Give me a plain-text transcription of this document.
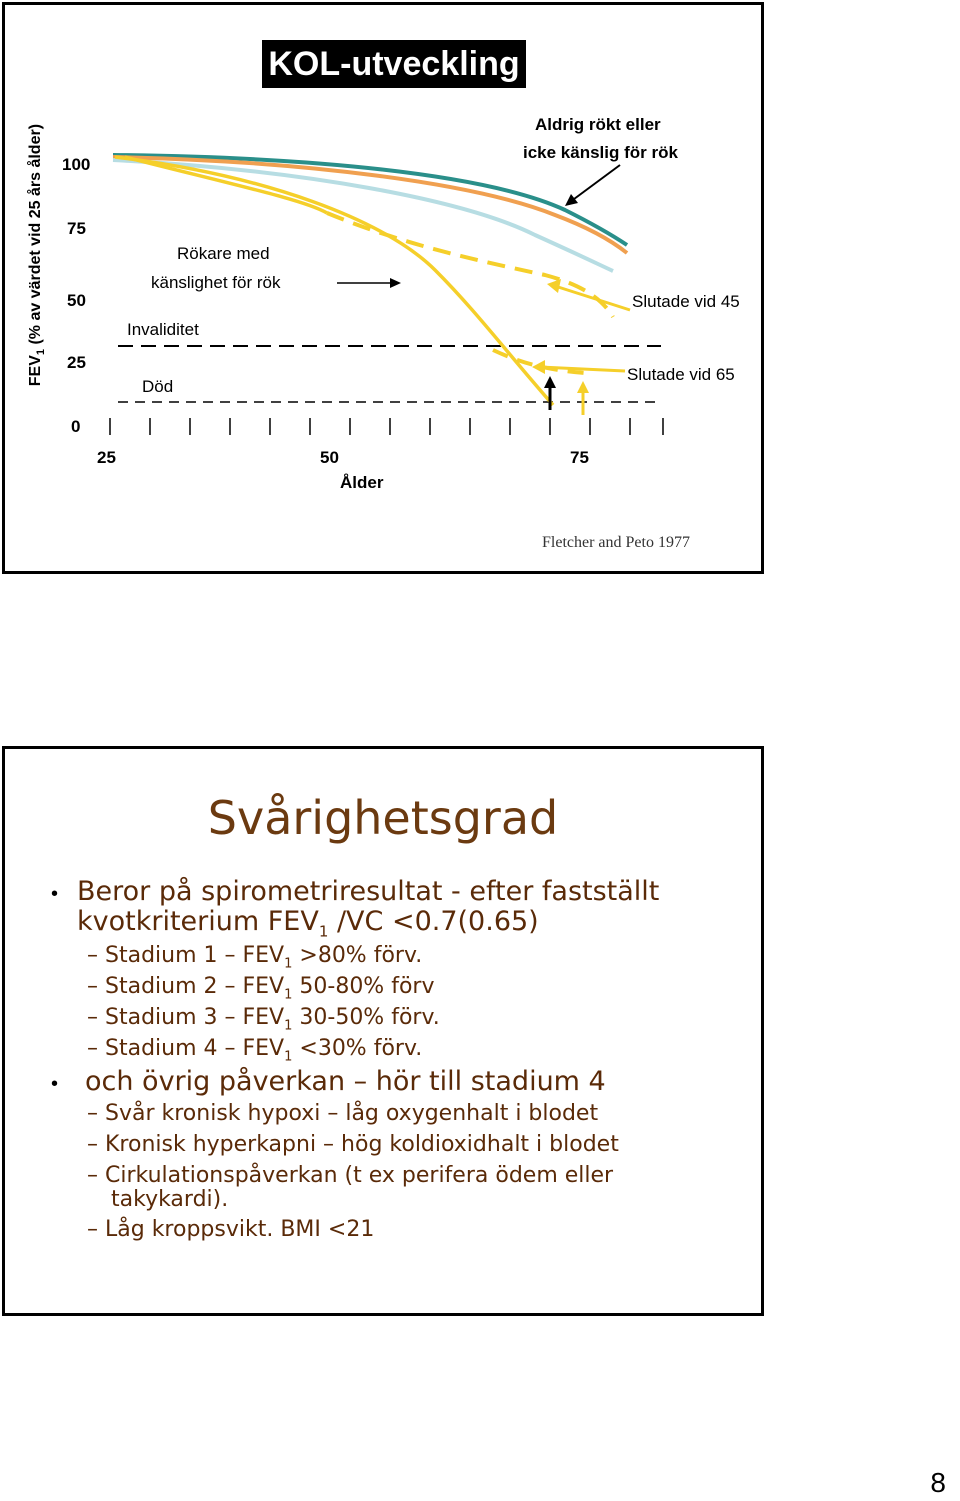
KOL-utveckling
$FEV_1$ (% av värdet vid 25 års ålder) 100
75
50
25
0
25	50	75
Ålder
Aldrig rökt eller
icke känslig för rök
Rökare med
känslighet för rök
Invaliditet
Död
Slutade vid 45
Slutade vid 65
Fletcher and Peto 1977
Svårighetsgrad
• Beror på spirometriresultat - efter fastställt
kvotkriterium $FEV_1$ /VC <0.7(0.65)
– Stadium $1 - FEV_1 >80\%$ förv.
– Stadium $2 - FEV_1$ 50-80% förv
– Stadium $3 - FEV_1$ 30-50% förv.
– Stadium $4 - FEV_1 <30\%$ förv.
• och övrig påverkan – hör till stadium 4
– Svår kronisk hypoxi – låg oxygenhalt i blodet
– Kronisk hyperkapni – hög koldioxidhalt i blodet
– Cirkulationspåverkan (t ex perifera ödem eller
takykardi).
– Låg kroppsvikt. BMI <21
8
